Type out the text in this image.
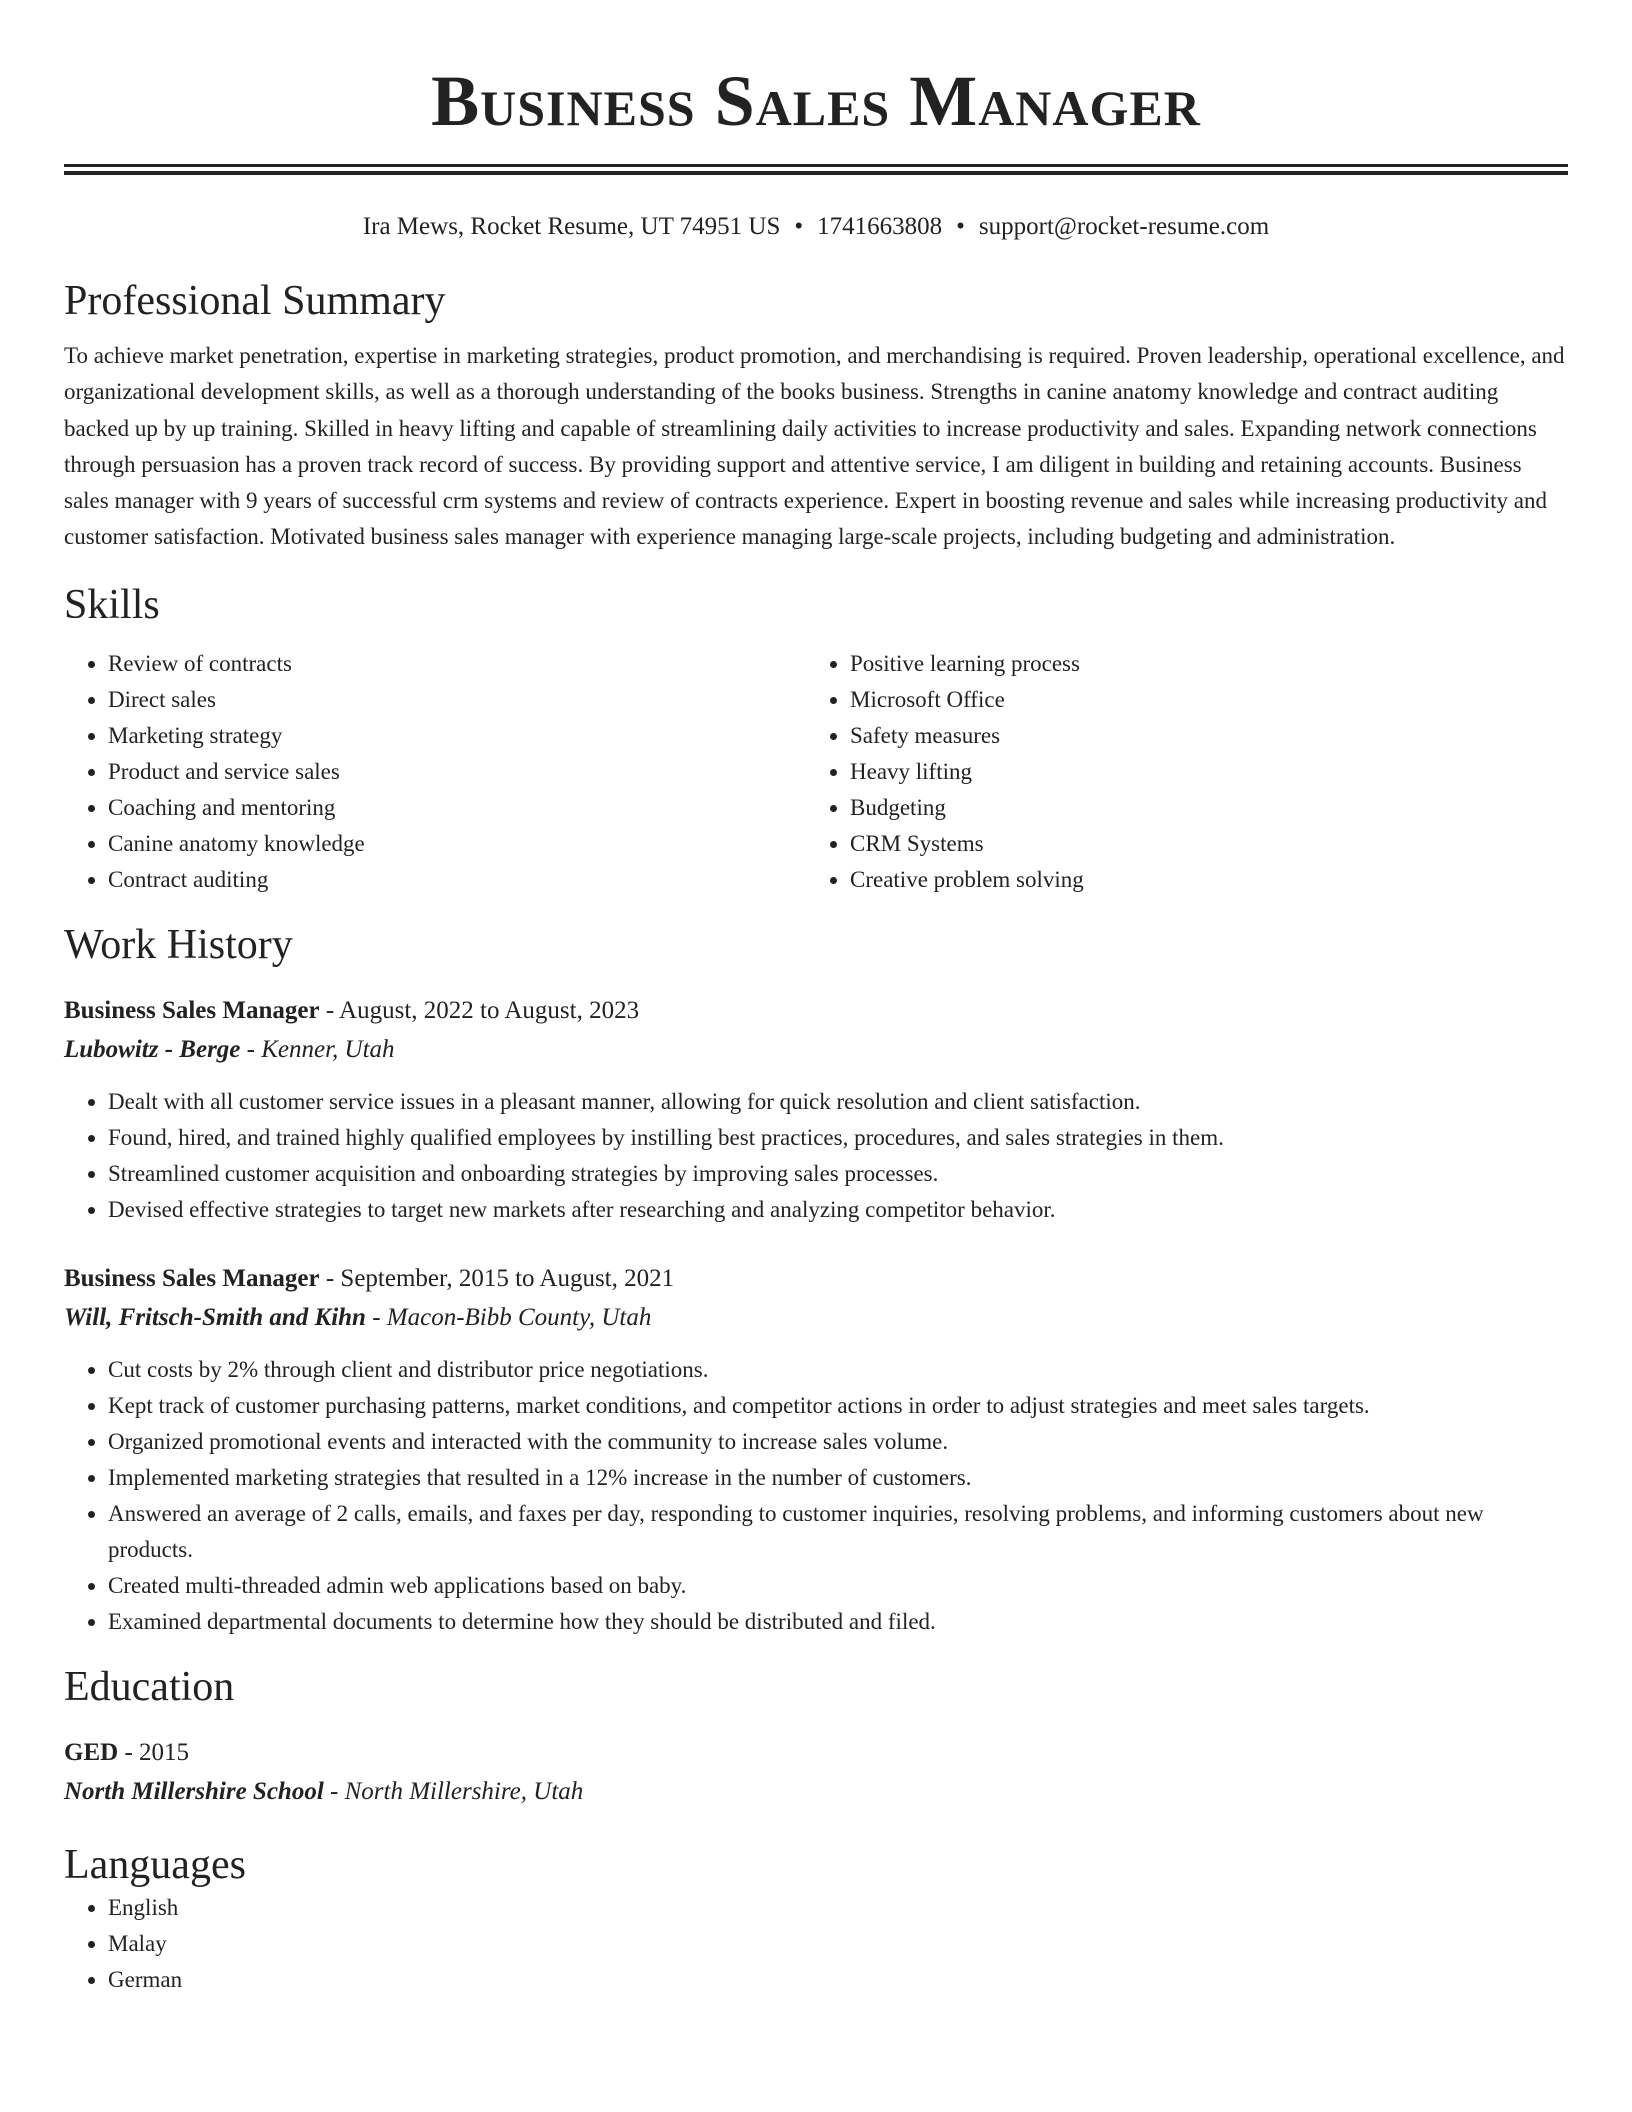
Business Sales Manager
Ira Mews, Rocket Resume, UT 74951 US • 1741663808 • support@rocket-resume.com
Professional Summary

To achieve market penetration, expertise in marketing strategies, product promotion, and merchandising is required. Proven leadership, operational excellence, and organizational development skills, as well as a thorough understanding of the books business. Strengths in canine anatomy knowledge and contract auditing backed up by up training. Skilled in heavy lifting and capable of streamlining daily activities to increase productivity and sales. Expanding network connections through persuasion has a proven track record of success. By providing support and attentive service, I am diligent in building and retaining accounts. Business sales manager with 9 years of successful crm systems and review of contracts experience. Expert in boosting revenue and sales while increasing productivity and customer satisfaction. Motivated business sales manager with experience managing large-scale projects, including budgeting and administration.

Skills
• Review of contracts
• Direct sales
• Marketing strategy
• Product and service sales
• Coaching and mentoring
• Canine anatomy knowledge
• Contract auditing
• Positive learning process
• Microsoft Office
• Safety measures
• Heavy lifting
• Budgeting
• CRM Systems
• Creative problem solving
Work History
Business Sales Manager - August, 2022 to August, 2023
Lubowitz - Berge - Kenner, Utah
• Dealt with all customer service issues in a pleasant manner, allowing for quick resolution and client satisfaction.
• Found, hired, and trained highly qualified employees by instilling best practices, procedures, and sales strategies in them.
• Streamlined customer acquisition and onboarding strategies by improving sales processes.
• Devised effective strategies to target new markets after researching and analyzing competitor behavior.
Business Sales Manager - September, 2015 to August, 2021
Will, Fritsch-Smith and Kihn - Macon-Bibb County, Utah
• Cut costs by 2% through client and distributor price negotiations.
• Kept track of customer purchasing patterns, market conditions, and competitor actions in order to adjust strategies and meet sales targets.
• Organized promotional events and interacted with the community to increase sales volume.
• Implemented marketing strategies that resulted in a 12% increase in the number of customers.
• Answered an average of 2 calls, emails, and faxes per day, responding to customer inquiries, resolving problems, and informing customers about new products.
• Created multi-threaded admin web applications based on baby.
• Examined departmental documents to determine how they should be distributed and filed.
Education
GED - 2015
North Millershire School - North Millershire, Utah
Languages
• English
• Malay
• German
